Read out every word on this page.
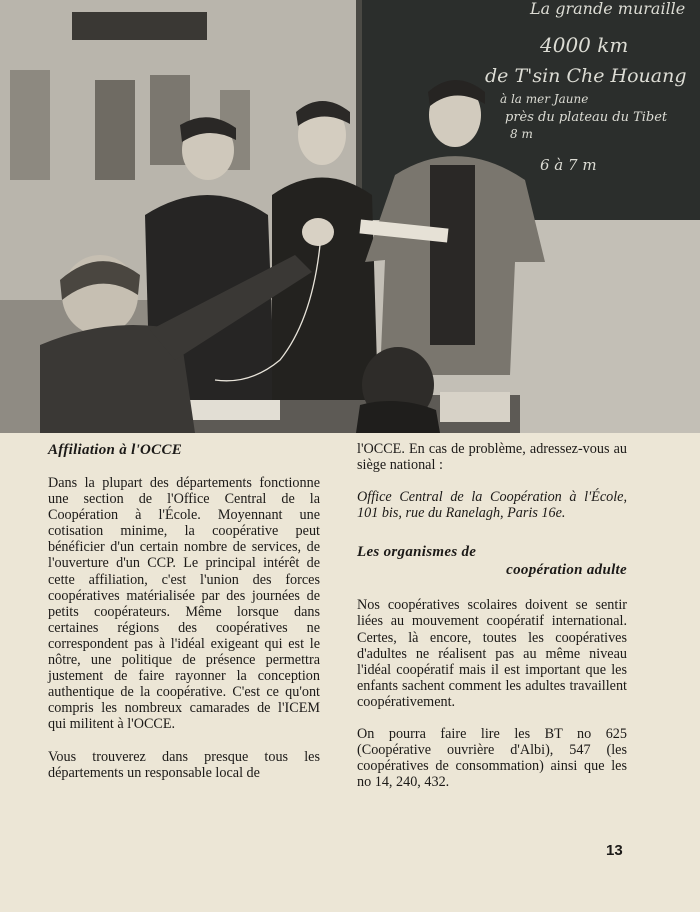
La grande muraille
4000 km
de T'sin Che Houang
à la mer Jaune
près du plateau du Tibet
8 m
6 à 7 m
Affiliation à l'OCCE

Dans la plupart des départements fonctionne une section de l'Office Central de la Coopération à l'École. Moyennant une cotisation minime, la coopérative peut bénéficier d'un certain nombre de services, de l'ouverture d'un CCP. Le principal intérêt de cette affiliation, c'est l'union des forces coopératives matérialisée par des journées de petits coopérateurs. Même lorsque dans certaines régions des coopératives ne correspondent pas à l'idéal exigeant qui est le nôtre, une politique de présence permettra justement de faire rayonner la conception authentique de la coopérative. C'est ce qu'ont compris les nombreux camarades de l'ICEM qui militent à l'OCCE.

Vous trouverez dans presque tous les départements un responsable local de

l'OCCE. En cas de problème, adressez-vous au siège national :

Office Central de la Coopération à l'École, 101 bis, rue du Ranelagh, Paris 16e.

Les organismes de
coopération adulte

Nos coopératives scolaires doivent se sentir liées au mouvement coopératif international. Certes, là encore, toutes les coopératives d'adultes ne réalisent pas au même niveau l'idéal coopératif mais il est important que les enfants sachent comment les adultes travaillent coopérativement.

On pourra faire lire les BT no 625 (Coopérative ouvrière d'Albi), 547 (les coopératives de consommation) ainsi que les no 14, 240, 432.

13
